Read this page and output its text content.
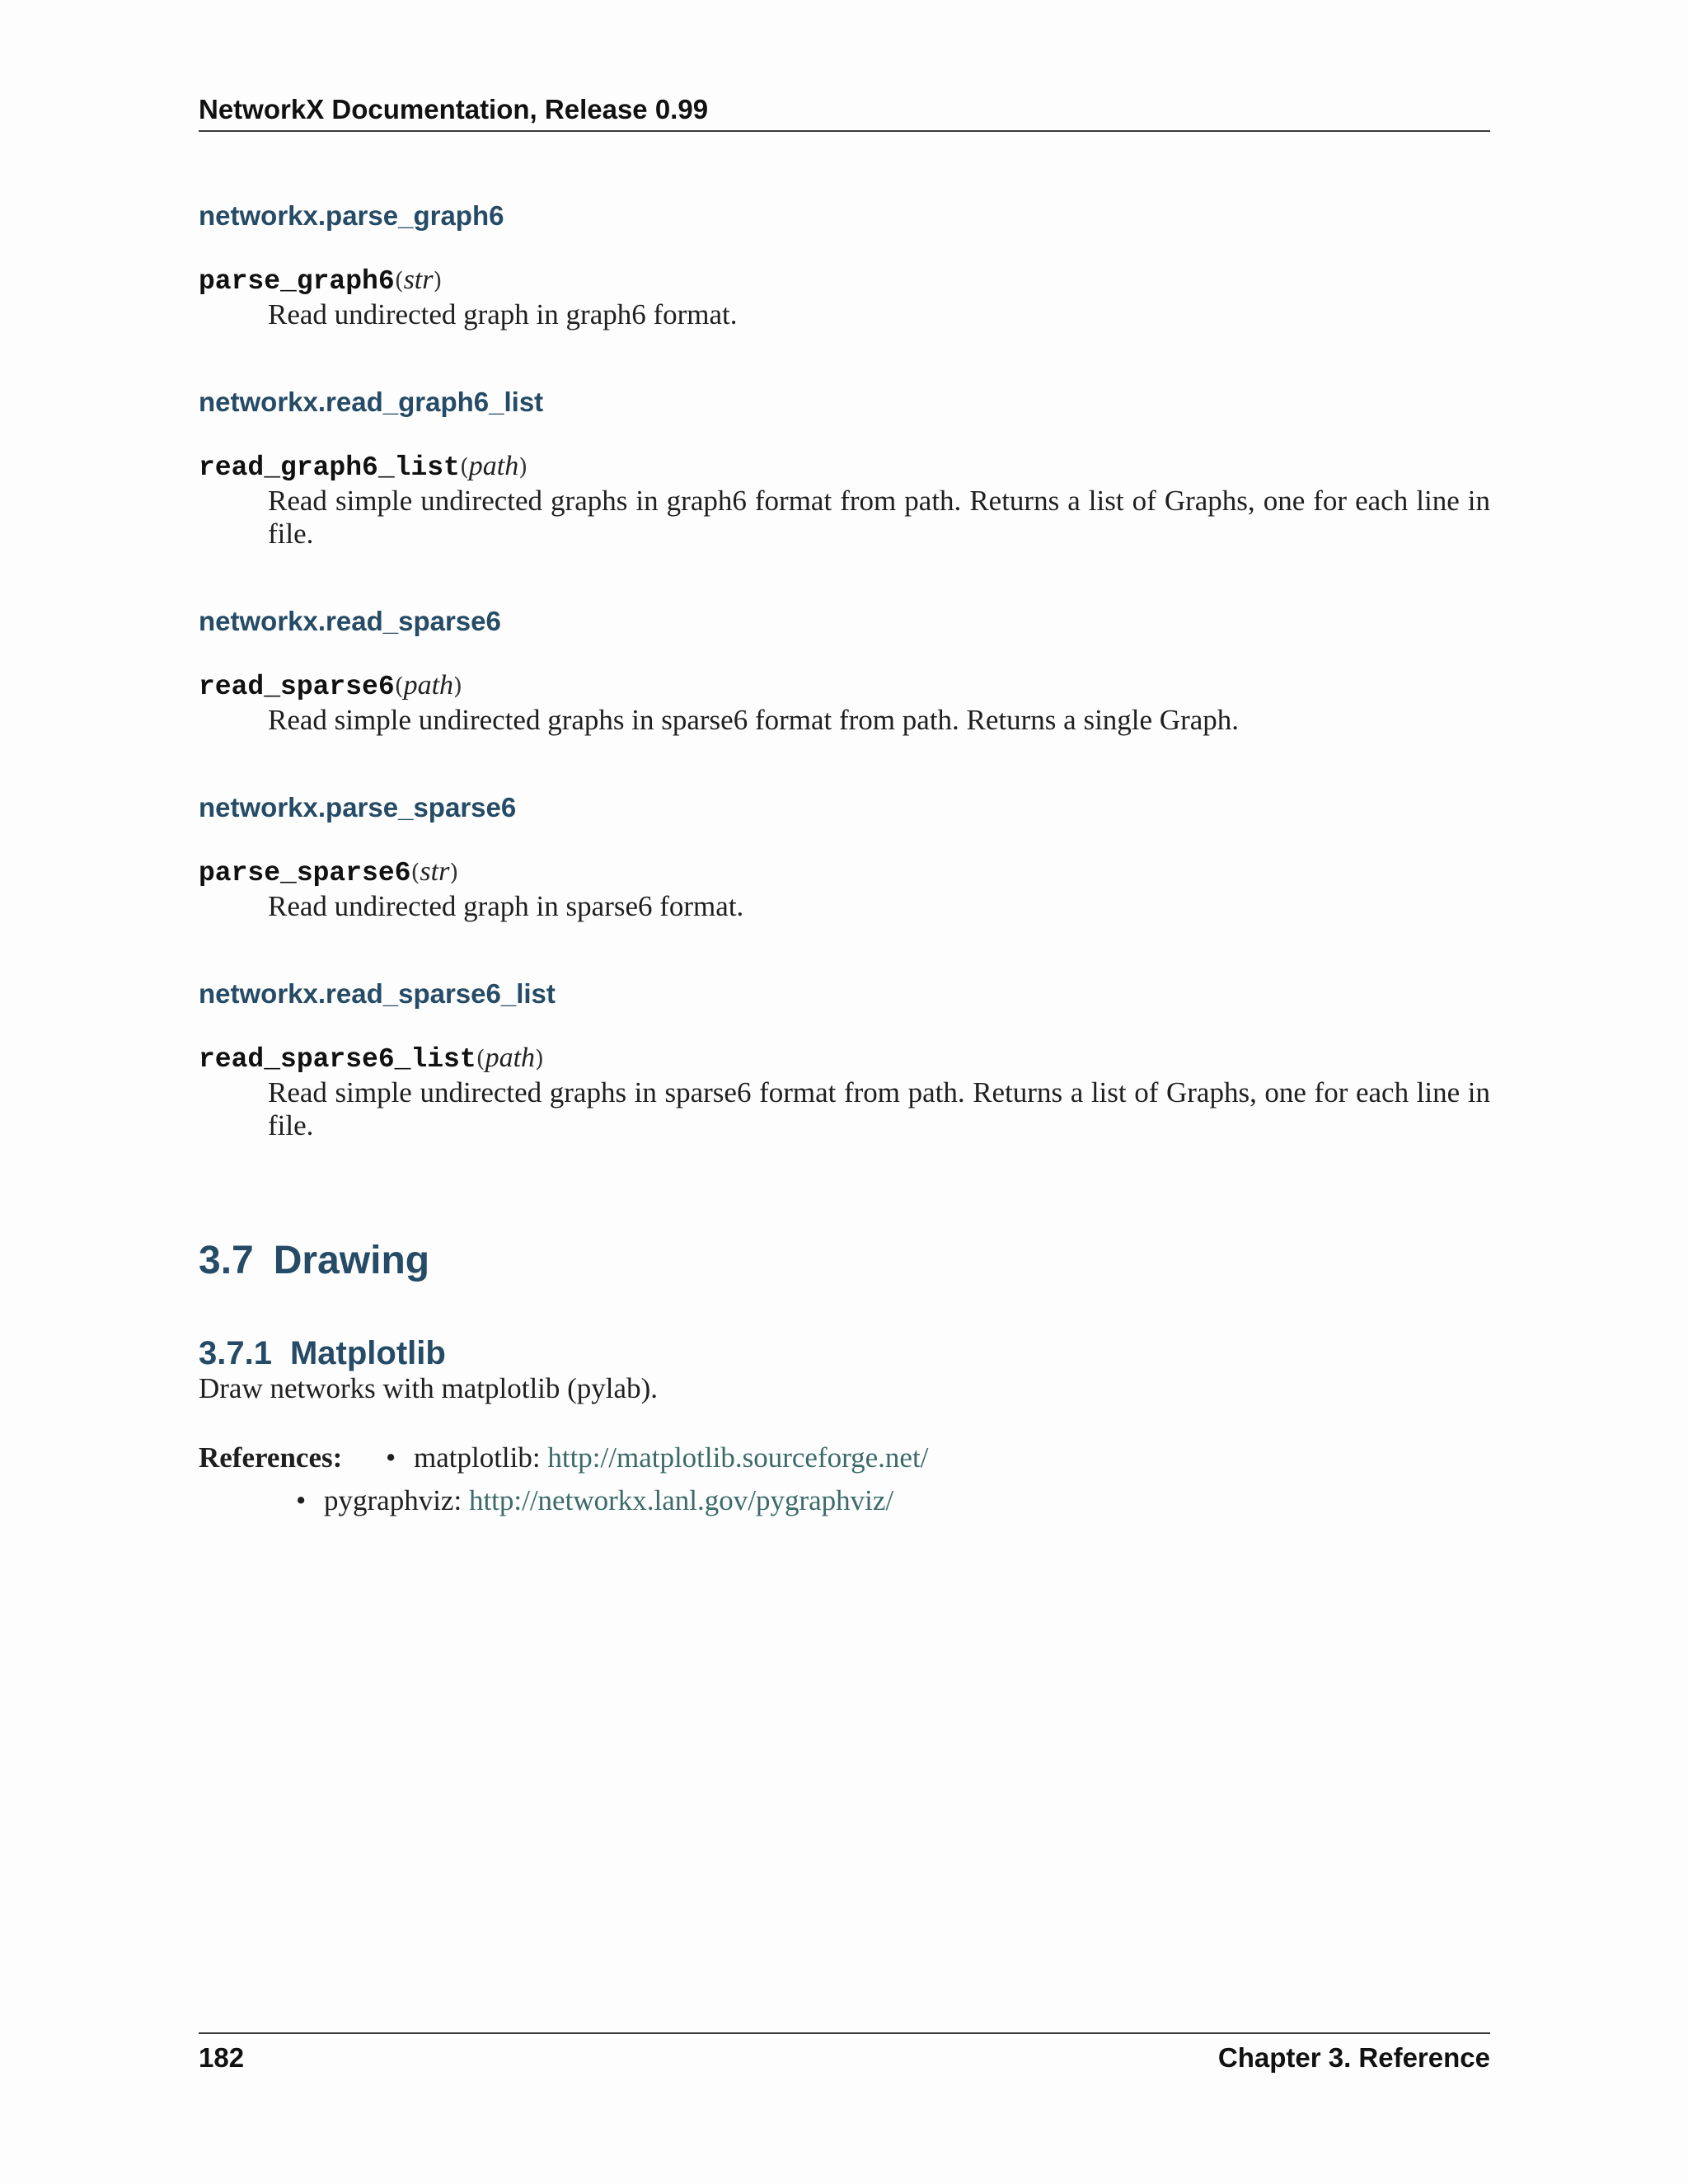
NetworkX Documentation, Release 0.99
networkx.parse_graph6
parse_graph6(str)
Read undirected graph in graph6 format.
networkx.read_graph6_list
read_graph6_list(path)
Read simple undirected graphs in graph6 format from path. Returns a list of Graphs, one for each line in file.
networkx.read_sparse6
read_sparse6(path)
Read simple undirected graphs in sparse6 format from path. Returns a single Graph.
networkx.parse_sparse6
parse_sparse6(str)
Read undirected graph in sparse6 format.
networkx.read_sparse6_list
read_sparse6_list(path)
Read simple undirected graphs in sparse6 format from path. Returns a list of Graphs, one for each line in file.
3.7 Drawing
3.7.1 Matplotlib

Draw networks with matplotlib (pylab).

References: • matplotlib: http://matplotlib.sourceforge.net/
• pygraphviz: http://networkx.lanl.gov/pygraphviz/
182	Chapter 3. Reference
